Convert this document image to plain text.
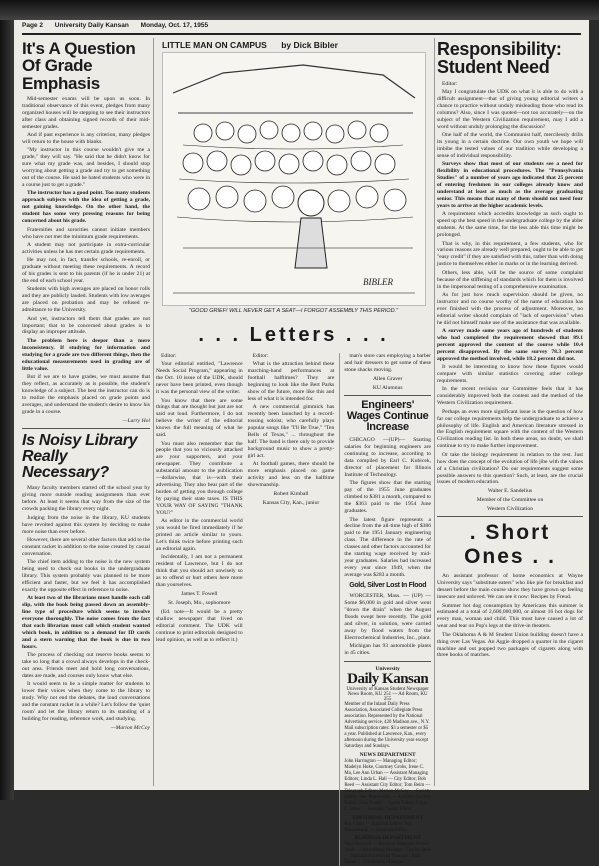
Page 2 University Daily Kansan Monday, Oct. 17, 1955
It's A Question Of Grade Emphasis

Mid-semester exams will be upon us soon. In traditional observance of this event, pledges from many organized houses will be stepping to see their instructors after class and obtaining signed records of their mid-semester grades.

And if past experience is any criterion, many pledges will return to the house with blanks.

"My instructor in this course wouldn't give me a grade," they will say. "He said that he didn't know for sure what my grade was, and besides, I should stop worrying about getting a grade and try to get something out of the course. He said he hated students who were in a course just to get a grade."

The instructor has a good point. Too many students approach subjects with the idea of getting a grade, not gaining knowledge. On the other hand, the student has some very pressing reasons for being concerned about his grade.

Fraternities and sororities cannot initiate members who have not met the minimum grade requirements.

A student may not participate in extra-curricular activities unless he has met certain grade requirements.

He may not, in fact, transfer schools, re-enroll, or graduate without meeting these requirements. A record of his grades is sent to his parents (if he is under 21) at the end of each school year.

Students with high averages are placed on honor rolls and they are publicly lauded. Students with low averages are placed on probation and may be refused re-admittance to the University.

And yet, instructors tell them that grades are not important; that to be concerned about grades is to display an improper attitude.

The problem here is deeper than a mere inconsistency. If studying for information and studying for a grade are two different things, then the educational measurements used in grading are of little value.

But if we are to have grades, we must assume that they reflect, as accurately as is possible, the student's knowledge of a subject. The best the instructor can do is to realize the emphasis placed on grade points and averages, and understand the student's desire to know his grade in a course.

—Larry Hol
Is Noisy Library Really Necessary?

Many faculty members started off the school year by giving more outside reading assignments than ever before. At least it seems that way from the size of the crowds packing the library every night.

Judging from the noise in the library, KU students have revolted against this system by deciding to make more noise than ever before.

However, there are several other factors that add to the constant racket in addition to the noise created by casual conversation.

The chief item adding to the noise is the new system being used to check out books in the undergraduate library. This system probably was planned to be more efficient and faster, but we feel it has accomplished exactly the opposite effect in reference to noise.

At least two of the librarians must handle each call slip, with the book being passed down an assembly-line type of procedure which seems to involve everyone thoroughly. The noise comes from the fact that each librarian must call which student wanted which book, in addition to a demand for ID cards and a stern warning that the book is due in two hours.

The process of checking out reserve books seems to take so long that a crowd always develops in the check-out area. Friends meet and hold long conversations, dates are made, and courses only know what else.

It would seem to be a simple matter for students to lower their voices when they come to the library to study. Why not end the debates, the loud conversations and the constant racket in a while? Let's follow the 'quiet room' and let the library return to its standing of a building for reading, reference work, and studying.

—Marion McCoy
LITTLE MAN ON CAMPUS by Dick Bibler
BIBLER
"GOOD GRIEF! WILL NEVER GET A SEAT—I FORGOT ASSEMBLY THIS PERIOD."
. . . Letters . . .

Editor:

Your editorial entitled, "Lawrence Needs Social Program," appearing in the Oct. 10 issue of the UDK, should never have been printed, even though it was the personal view of the writer.

You know that there are some things that are thought but just are not said out loud. Furthermore, I do not believe the writer of the editorial knows the full meaning of what he said.

You must also remember that the people that you so viciously attacked are your supporters, and your newspaper. They contribute a substantial amount to the publication—dollarwise, that is—with their advertising. They also bear part of the burden of getting you through college by paying their state taxes. IS THIS YOUR WAY OF SAYING "THANK YOU?"

As editor in the commercial world you would be fired immediately if he printed an article similar to yours. Let's think twice before printing such an editorial again.

Incidentally, I am not a permanent resident of Lawrence, but I do not think that you should act unwisely so as to offend or hurt others here more than yourselves.

James T. Fowell
St. Joseph, Mo., sophomore

(Ed. note—It would be a pretty shallow newspaper that lived on editorial comment. The UDK will continue to print editorials designed to lead opinion, as well as to reflect it.)

Editor:

What is the attraction behind these marching-band performances at football halftimes? They are beginning to look like the Bert Parks show of the future, more like this and less of what it is intended for.

A new commercial gimmick has recently been launched by a record-tossing soloist, who carefully plays popular songs like "I'll Be True," "Ten Bells of Texas," ... throughout the half. The band is there only to provide background music to show a pretty-girl act.

At football games, there should be more emphasis placed on game activity and less on the halftime showmanship.

Robert Kimball
Kansas City, Kan., junior

man's store cars employing a barber and hair dressers to get some of these stone shacks moving.

Allen Graver
KU Alumnus
Engineers' Wages Continue Increase

CHICAGO —(UP)— Starting salaries for beginning engineers are continuing to increase, according to data compiled by Earl C. Kubicek, director of placement for Illinois Institute of Technology.

The figures show that the starting pay of the 1955 June graduates climbed to $381 a month, compared to the $363 paid to the 1954 June graduates.

The latest figure represents a decline from the all-time high of $386 paid to the 1951 January engineering class. The difference in the rate of classes and other factors accounted for the starting wage received by mid-year graduates. Salaries had increased every year since 1949, when the average was $283 a month.

Gold, Silver Lost In Flood

WORCESTER, Mass. — (UP) — Some $6,000 in gold and silver went "down the drain" when the August floods swept here recently. The gold and silver, in solution, were carried away by flood waters from the Electrochemical Industries, Inc., plant.

Michigan has 93 automobile plants in 45 cities.

University
Daily Kansan
University of Kansas Student Newspaper
News Room, KU 251 — Ad Room, KU 255
Member of the Inland Daily Press Association, Associated Collegiate Press association. Represented by the National Advertising service, 420 Madison ave., N.Y. Mail subscription rates: $3 a semester or $5 a year. Published at Lawrence, Kan., every afternoon during the University year except Saturdays and Sundays.
NEWS DEPARTMENT
John Harrington — Managing Editor; Madelyn Hoke, Courtney Grohs, Irene C. Ma, Lee Ann Urban — Assistant Managing Editors; Linda L. Hall — City Editor; Bob Reed — Assistant City Editor; Tom Beim — Telegraph Editor; Marion McCoy — Society Editor; Jane Portnowski — Assistant Society Editor; John Buoth — Sports Editor; Frank L. Jonas — Assistant Sports Editor.
EDITORIAL DEPARTMENT
Ray Contr — Editorial Editor; Ted Blankenship — Associate Editor.
BUSINESS DEPARTMENT
Paul Maxwell — Business Manager; Robert Walls — Advertising Manager; Charles Steel — National Advertising Manager; Jack Fisher — Circulation Manager.
Responsibility: Student Need

Editor:

May I congratulate the UDK on what it is able to do with a difficult assignment—that of giving young editorial writers a chance to practice without unduly misleading those who read its columns? Also, since I was quoted—not too accurately—on the subject of the Western Civilization requirement, may I add a word without unduly prolonging the discussion?

One half of the world, the Communist half, mercilessly drills its young in a certain doctrine. Our own youth we hope will imbibe the tested values of our tradition while developing a sense of individual responsibility.

Surveys show that most of our students see a need for flexibility in educational procedures. The "Pennsylvania Studies" of a number of years ago indicated that 25 percent of entering freshmen in our colleges already know and understand at least as much as the average graduating senior. This means that many of them should not need four years to arrive at the higher academic levels.

A requirement which accredits knowledge as such ought to speed up the best speed in the undergraduate college by the abler students. At the same time, for the less able this time might be prolonged.

That is why, in this requirement, a few students, who for various reasons are already well prepared, ought to be able to get "easy credit" if they are satisfied with this, rather than with doing justice to themselves either in marks or in the learning derived.

Others, less able, will be the source of some complaint because of the stiffening of standards which for them is involved in the impersonal testing of a comprehensive examination.

As for just how much supervision should be given, no instructor and no course worthy of the name of education has ever finished with the process of adjustment. Moreover, no editorial writer should complain of "lack of supervision" when he did not himself make use of the assistance that was available.

A survey made some years ago of hundreds of students who had completed the requirement showed that 89.1 percent approved the content of the course while 10.4 percent disapproved. By the same survey 78.3 percent approved the method involved, while 18.2 percent did not.

It would be interesting to know how these figures would compare with similar statistics covering other college requirements.

In the recent revision our Committee feels that it has considerably improved both the content and the method of the Western Civilization requirement.

Perhaps an even more significant issue is the question of how far our college requirements help the undergraduate to achieve a philosophy of life. English and American literature stressed in the English requirement square with the content of the Western Civilization reading list. In both these areas, no doubt, we shall continue to try to make further improvement.

Or take the biology requirement in relation to the rest. Just how does the concept of the evolution of life jibe with the values of a Christian civilization? Do our requirements suggest some possible answers to this question? Such, at least, are the crucial issues of modern education.

Walter E. Sandelius
Member of the Committee on
Western Civilization
. Short Ones . .

An assistant professor of home economics at Wayne University says "substitute eaters" who like pie for breakfast and dessert before the main course show they have grown up feeling insecure and unloved. We can see it now: Recipes by Freud.

Summer hot dog consumption by Americans this summer is estimated at a total of 2,600,000,000, or almost 16 hot dogs for every man, woman and child. This must have caused a lot of wear and tear on Pop's legs at the drive-in theaters.

The Oklahoma A & M Student Union building doesn't have a thing over Las Vegas. An Aggie dropped a quarter in the cigaret machine and out popped two packages of cigarets along with three books of matches.
